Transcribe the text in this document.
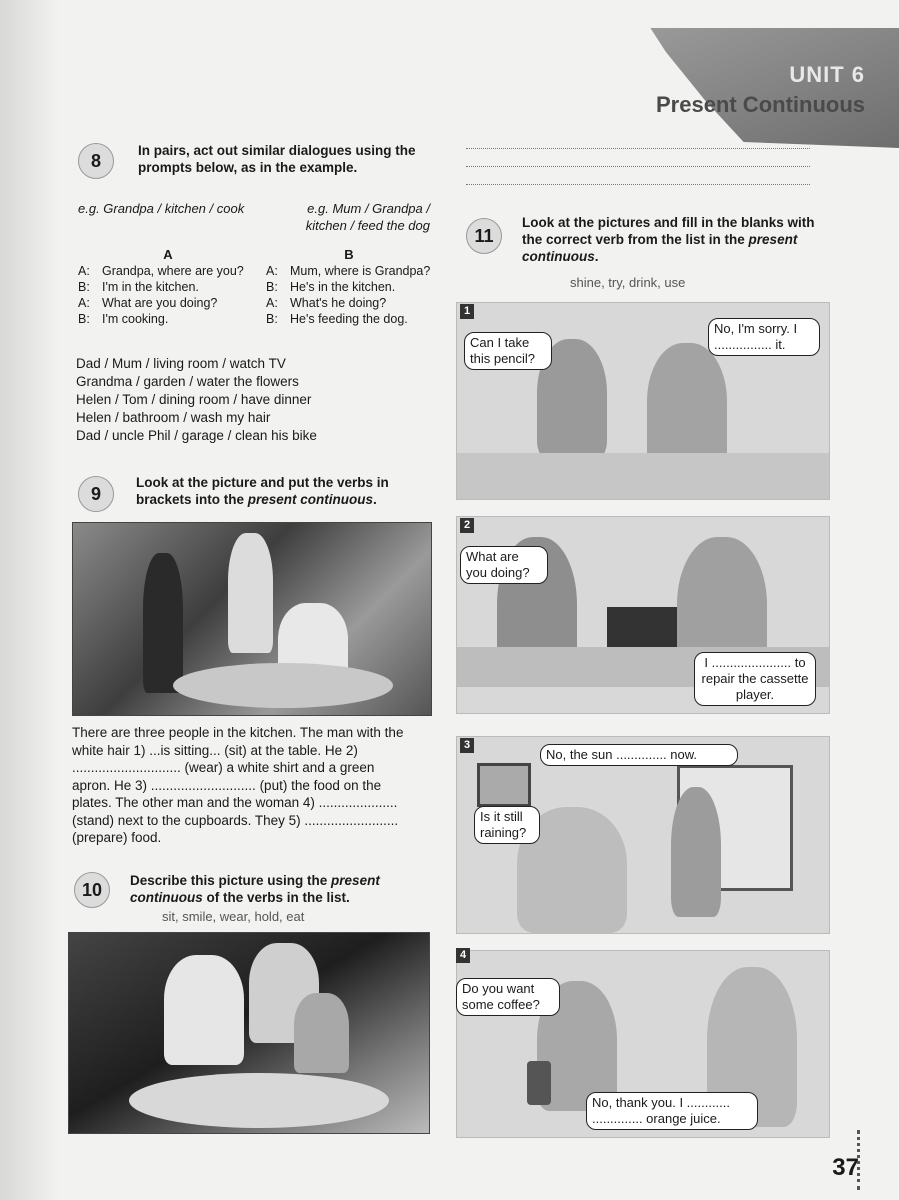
UNIT 6
Present Continuous
8
In pairs, act out similar dialogues using the prompts below, as in the example.
e.g. Grandpa / kitchen / cook	e.g. Mum / Grandpa / kitchen / feed the dog
A
A: Grandpa, where are you?
B: I'm in the kitchen.
A: What are you doing?
B: I'm cooking.
B
A: Mum, where is Grandpa?
B: He's in the kitchen.
A: What's he doing?
B: He's feeding the dog.
Dad / Mum / living room / watch TV
Grandma / garden / water the flowers
Helen / Tom / dining room / have dinner
Helen / bathroom / wash my hair
Dad / uncle Phil / garage / clean his bike
9
Look at the picture and put the verbs in brackets into the present continuous.
There are three people in the kitchen. The man with the
white hair 1) ...is sitting... (sit) at the table. He 2)
............................. (wear) a white shirt and a green
apron. He 3) ............................ (put) the food on the
plates. The other man and the woman 4) .....................
(stand) next to the cupboards. They 5) .........................
(prepare) food.
10	Describe this picture using the present continuous of the verbs in the list.
sit, smile, wear, hold, eat
11
Look at the pictures and fill in the blanks with the correct verb from the list in the present continuous.
shine, try, drink, use
1
Can I take this pencil?
No, I'm sorry. I ................ it.
2
What are you doing?
I ...................... to repair the cassette player.
3
No, the sun .............. now.
Is it still raining?
4
Do you want some coffee?
No, thank you. I ............ .............. orange juice.
37
